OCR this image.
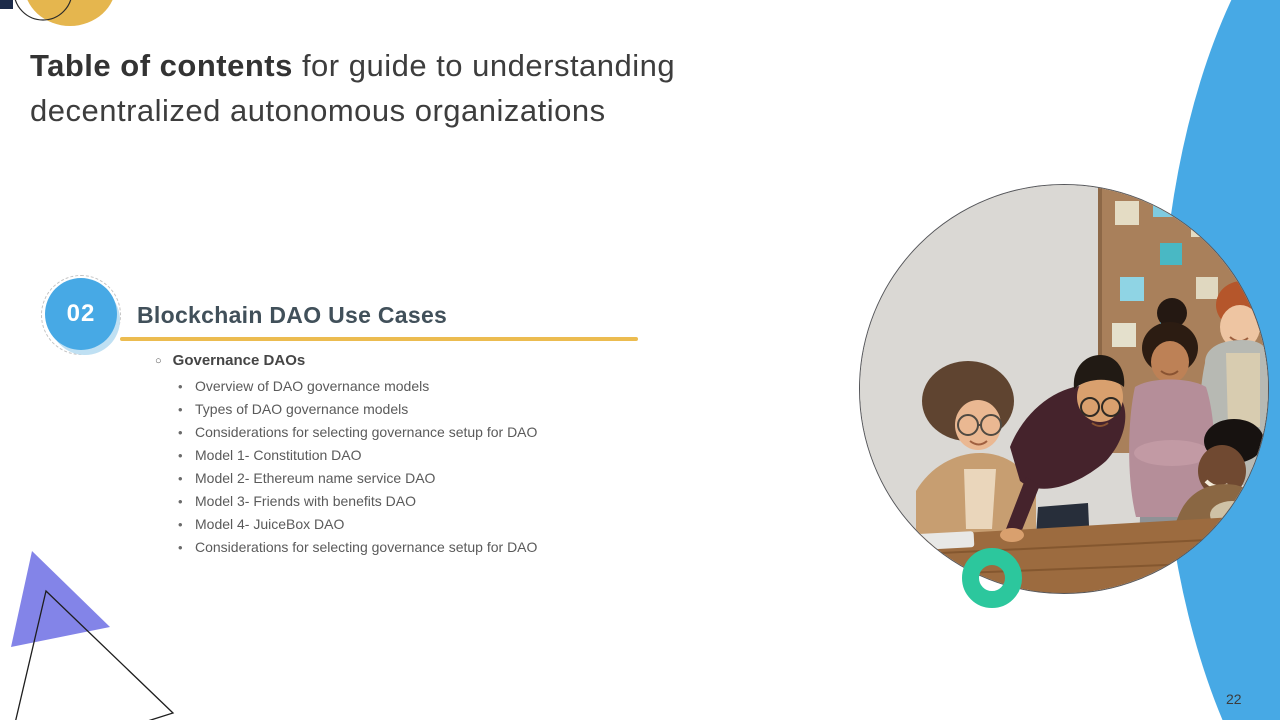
Table of contents for guide to understanding decentralized autonomous organizations
02	Blockchain DAO Use Cases
○ Governance DAOs
• Overview of DAO governance models
• Types of DAO governance models
• Considerations for selecting governance setup for DAO
• Model 1- Constitution DAO
• Model 2- Ethereum name service DAO
• Model 3- Friends with benefits DAO
• Model 4- JuiceBox DAO
• Considerations for selecting governance setup for DAO
22
